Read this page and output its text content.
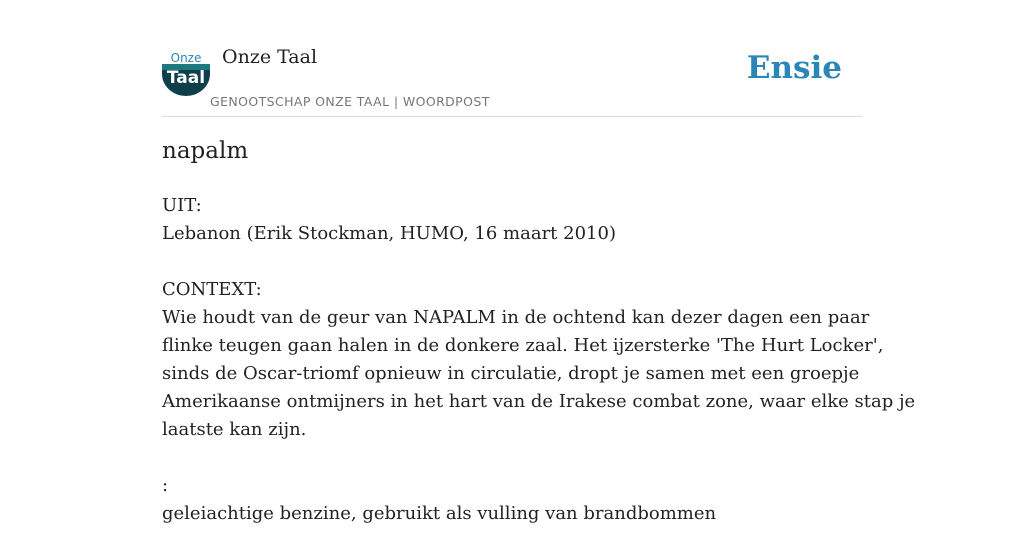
Onze
Taal
Onze Taal
GENOOTSCHAP ONZE TAAL | WOORDPOST
Ensie
napalm

UIT:
Lebanon (Erik Stockman, HUMO, 16 maart 2010)

CONTEXT:
Wie houdt van de geur van NAPALM in de ochtend kan dezer dagen een paar
flinke teugen gaan halen in de donkere zaal. Het ijzersterke 'The Hurt Locker',
sinds de Oscar-triomf opnieuw in circulatie, dropt je samen met een groepje
Amerikaanse ontmijners in het hart van de Irakese combat zone, waar elke stap je
laatste kan zijn.

:
geleiachtige benzine, gebruikt als vulling van brandbommen
